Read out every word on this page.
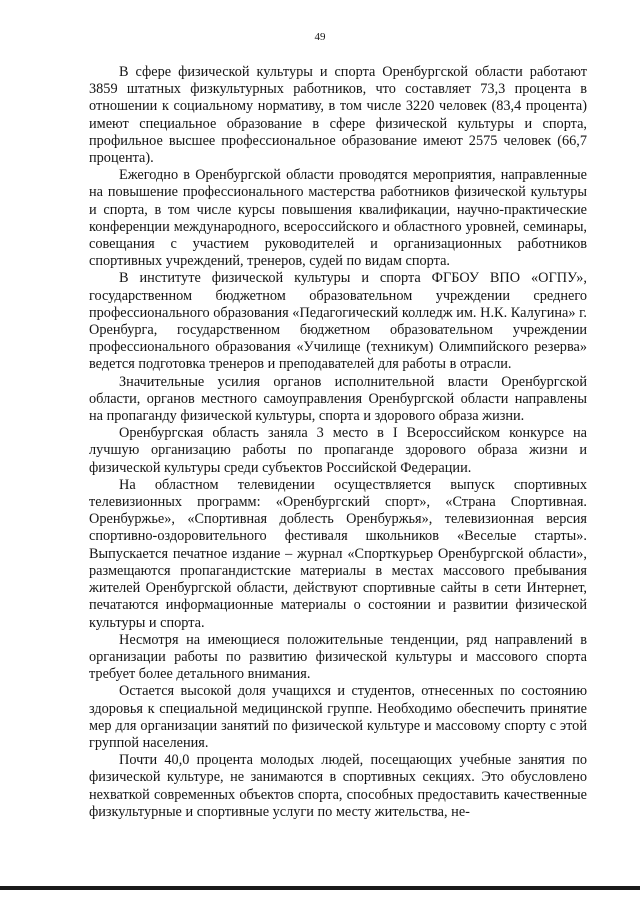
49

В сфере физической культуры и спорта Оренбургской области работают 3859 штатных физкультурных работников, что составляет 73,3 процента в отношении к социальному нормативу, в том числе 3220 человек (83,4 процента) имеют специальное образование в сфере физической культуры и спорта, профильное высшее профессиональное образование имеют 2575 человек (66,7 процента).

Ежегодно в Оренбургской области проводятся мероприятия, направленные на повышение профессионального мастерства работников физической культуры и спорта, в том числе курсы повышения квалификации, научно-практические конференции международного, всероссийского и областного уровней, семинары, совещания с участием руководителей и организационных работников спортивных учреждений, тренеров, судей по видам спорта.

В институте физической культуры и спорта ФГБОУ ВПО «ОГПУ», государственном бюджетном образовательном учреждении среднего профессионального образования «Педагогический колледж им. Н.К. Калугина» г. Оренбурга, государственном бюджетном образовательном учреждении профессионального образования «Училище (техникум) Олимпийского резерва» ведется подготовка тренеров и преподавателей для работы в отрасли.

Значительные усилия органов исполнительной власти Оренбургской области, органов местного самоуправления Оренбургской области направлены на пропаганду физической культуры, спорта и здорового образа жизни.

Оренбургская область заняла 3 место в I Всероссийском конкурсе на лучшую организацию работы по пропаганде здорового образа жизни и физической культуры среди субъектов Российской Федерации.

На областном телевидении осуществляется выпуск спортивных телевизионных программ: «Оренбургский спорт», «Страна Спортивная. Оренбуржье», «Спортивная доблесть Оренбуржья», телевизионная версия спортивно-оздоровительного фестиваля школьников «Веселые старты». Выпускается печатное издание – журнал «Спорткурьер Оренбургской области», размещаются пропагандистские материалы в местах массового пребывания жителей Оренбургской области, действуют спортивные сайты в сети Интернет, печатаются информационные материалы о состоянии и развитии физической культуры и спорта.

Несмотря на имеющиеся положительные тенденции, ряд направлений в организации работы по развитию физической культуры и массового спорта требует более детального внимания.

Остается высокой доля учащихся и студентов, отнесенных по состоянию здоровья к специальной медицинской группе. Необходимо обеспечить принятие мер для организации занятий по физической культуре и массовому спорту с этой группой населения.

Почти 40,0 процента молодых людей, посещающих учебные занятия по физической культуре, не занимаются в спортивных секциях. Это обусловлено нехваткой современных объектов спорта, способных предоставить качественные физкультурные и спортивные услуги по месту жительства, не-
